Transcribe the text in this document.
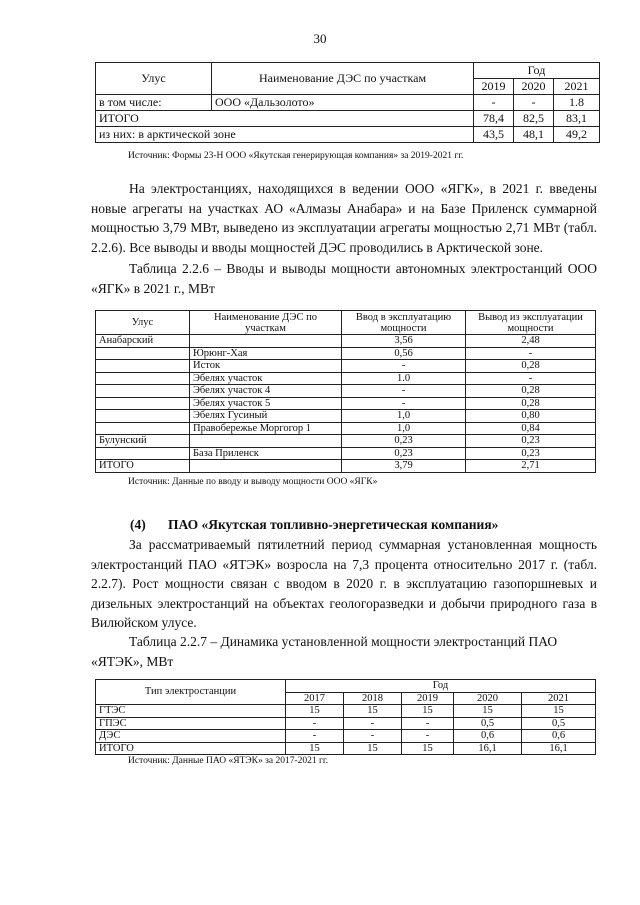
30
Улус	Наименование ДЭС по участкам	Год		
		2019	2020	2021
в том числе:	ООО «Дальзолото»	-	-	1.8
ИТОГО		78,4	82,5	83,1
из них: в арктической зоне		43,5	48,1	49,2
Источник: Формы 23-Н ООО «Якутская генерирующая компания» за 2019-2021 гг.

На электростанциях, находящихся в ведении ООО «ЯГК», в 2021 г. введены новые агрегаты на участках АО «Алмазы Анабара» и на Базе Приленск суммарной мощностью 3,79 МВт, выведено из эксплуатации агрегаты мощностью 2,71 МВт (табл. 2.2.6). Все выводы и вводы мощностей ДЭС проводились в Арктической зоне.

Таблица 2.2.6 – Вводы и выводы мощности автономных электростанций ООО «ЯГК» в 2021 г., МВт
Улус	Наименование ДЭС по участкам	Ввод в эксплуатацию мощности	Вывод из эксплуатации мощности
Анабарский		3,56	2,48
	Юрюнг-Хая	0,56	-
	Исток	-	0,28
	Эбелях участок	1.0	-
	Эбелях участок 4	-	0,28
	Эбелях участок 5	-	0,28
	Эбелях Гусиный	1,0	0,80
	Правобережье Моргогор 1	1,0	0,84
Булунский		0,23	0,23
	База Приленск	0,23	0,23
ИТОГО		3,79	2,71
Источник: Данные по вводу и выводу мощности ООО «ЯГК»
(4) ПАО «Якутская топливно-энергетическая компания»

За рассматриваемый пятилетний период суммарная установленная мощность электростанций ПАО «ЯТЭК» возросла на 7,3 процента относительно 2017 г. (табл. 2.2.7). Рост мощности связан с вводом в 2020 г. в эксплуатацию газопоршневых и дизельных электростанций на объектах геологоразведки и добычи природного газа в Вилюйском улусе.

Таблица 2.2.7 – Динамика установленной мощности электростанций ПАО «ЯТЭК», МВт
Тип электростанции	Год				
	2017	2018	2019	2020	2021
ГТЭС	15	15	15	15	15
ГПЭС	-	-	-	0,5	0,5
ДЭС	-	-	-	0,6	0,6
ИТОГО	15	15	15	16,1	16,1
Источник: Данные ПАО «ЯТЭК» за 2017-2021 гг.
